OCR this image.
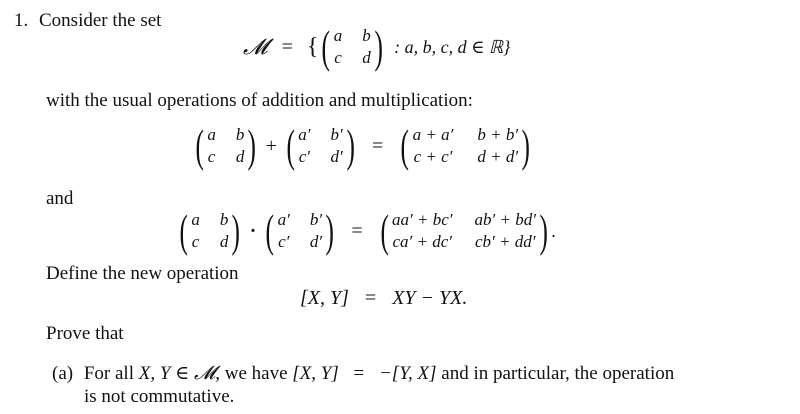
1. Consider the set
𝓜 = { ( a b
c d ) : a, b, c, d ∈ ℝ}
with the usual operations of addition and multiplication:
( a b
c d ) + ( a′ b′
c′ d′ ) = ( a + a′ b + b′
c + c′ d + d′ )
and
( a b
c d ) · ( a′ b′
c′ d′ ) = ( aa′ + bc′ ab′ + bd′
ca′ + dc′ cb′ + dd′ ) .
Define the new operation
[X, Y] = XY − YX.
Prove that
(a) For all X, Y ∈ 𝓜, we have [X, Y] = −[Y, X] and in particular, the operation
is not commutative.
